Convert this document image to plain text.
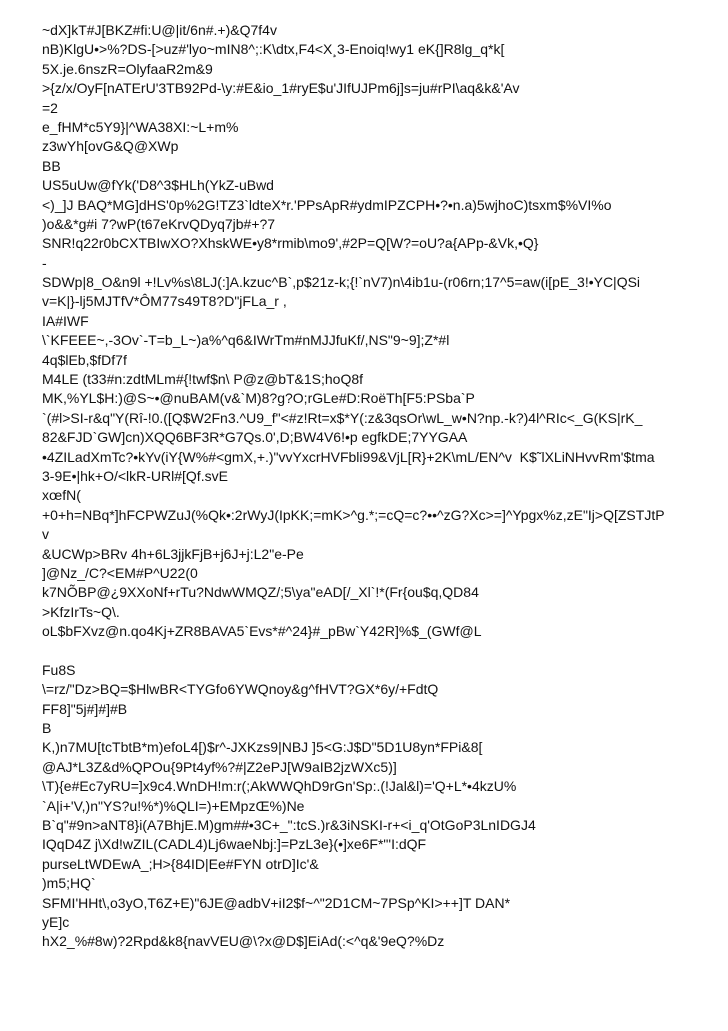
~dX]kT#J[BKZ#fi:U@|it/6n#.+)&Q7f4v
nB)KlgU•>%?DS-[>uz#'lyo~mIN8^;:K\dtx,F4<X¸3-Enoiq!wy1 eK{]R8lg_q*k[
5X.je.6nszR=OlyfaaR2m&9
>{z/x/OyF[nATErU'3TB92Pd-\y:#E&io_1#ryE$u'JIfUJPm6j]s=ju#rPI\aq&k&'Av
=2
e_fHM*c5Y9}|^WA38XI:~L+m%
z3wYh[ovG&Q@XWp
BB
US5uUw@fYk('D8^3$HLh(YkZ-uBwd
<)_]J BAQ*MG]dHS'0p%2G!TZ3`ldteX*r.'PPsApR#ydmIPZCPH•?•n.a)5wjhoC)tsxm$%VI%o
)o&&*g#i 7?wP(t67eKrvQDyq7jb#+?7
SNR!q22r0bCXTBIwXO?XhskWE•y8*rmib\mo9',#2P=Q[W?=oU?a{APp-&Vk,•Q}
-
SDWp|8_O&n9l +!Lv%s\8LJ(:]A.kzuc^B`,p$21z-k;{!`nV7)n\4ib1u-(r06rn;17^5=aw(i[pE_3!•YC|QSi
v=K|}-lj5MJTfV*ÔM77s49T8?D"jFLa_r ,
IA#IWF
\`KFEEE~,-3Ov`-T=b_L~)a%^q6&IWrTm#nMJJfuKf/,NS"9~9];Z*#l
4q$lEb,$fDf7f
M4LE (t33#n:zdtMLm#{!twf$n\ P@z@bT&1S;hoQ8f
MK,%YL$H:)@S~•@nuBAM(v&`M)8?g?O;rGLe#D:RoëTh[F5:PSba`P
`(#l>SI-r&q"Y(Rî-!0.([Q$W2Fn3.^U9_f"<#z!Rt=x$*Y(:z&3qsOr\wL_w•N?np.-k?)4l^RIc<_G(KS|rK_
82&FJD`GW]cn)XQQ6BF3R*G7Qs.0',D;BW4V6!•p egfkDE;7YYGAA
•4ZILadXmTc?•kYv(iY{W%#<gmX,+.)"vvYxcrHVFbli99&VjL[R}+2K\mL/EN^v  K$˜lXLiNHvvRm'$tma
3-9E•|hk+O/<lkR-URl#[Qf.svE
xœfN(
+0+h=NBq*]hFCPWZuJ(%Qk•:2rWyJ(IpKK;=mK>^g.*;=cQ=c?••^zG?Xc>=]^Ypgx%z,zE"Ij>Q[ZSTJtP
v
&UCWp>BRv 4h+6L3jjkFjB+j6J+j:L2"e-Pe
]@Nz_/C?<EM#P^U22(0
k7NÕBP@¿9XXoNf+rTu?NdwWMQZ/;5\ya"eAD[/_Xl`!*(Fr{ou$q,QD84
>KfzIrTs~Q\.
oL$bFXvz@n.qo4Kj+ZR8BAVA5`Evs*#^24}#_pBw`Y42R]%$_(GWf@L
Fu8S
\=rz/"Dz>BQ=$HlwBR<TYGfo6YWQnoy&g^fHVT?GX*6y/+FdtQ
FF8]"5j#]#]#B
B
K,)n7MU[tcTbtB*m)efoL4[)$r^-JXKzs9|NBJ ]5<G:J$D"5D1U8yn*FPi&8[
@AJ*L3Z&d%QPOu{9Pt4yf%?#|Z2ePJ[W9aIB2jzWXc5)]
\T){e#Ec7yRU=]x9c4.WnDH!m:r(;AkWWQhD9rGn'Sp:.(!Jal&l)='Q+L*•4kzU%
`A|i+'V,)n"YS?u!%*)%QLI=)+EMpzŒ%)Ne
B`q"#9n>aNT8}i(A7BhjE.M)gm##•3C+_":tcS.)r&3iNSKI-r+<i_q'OtGoP3LnIDGJ4
IQqD4Z j\Xd!wZIL(CADL4)Lj6waeNbj:]=PzL3e}(•]xe6F*"'I:dQF
purseLtWDEwA_;H>{84ID|Ee#FYN otrD]Ic'&
)m5;HQ`
SFMI'HHt\,o3yO,T6Z+E)"6JE@adbV+iI2$f~^"2D1CM~7PSp^KI>++]T DAN*
yE]c
hX2_%#8w)?2Rpd&k8{navVEU@\?x@D$]EiAd(:<^q&'9eQ?%Dz
